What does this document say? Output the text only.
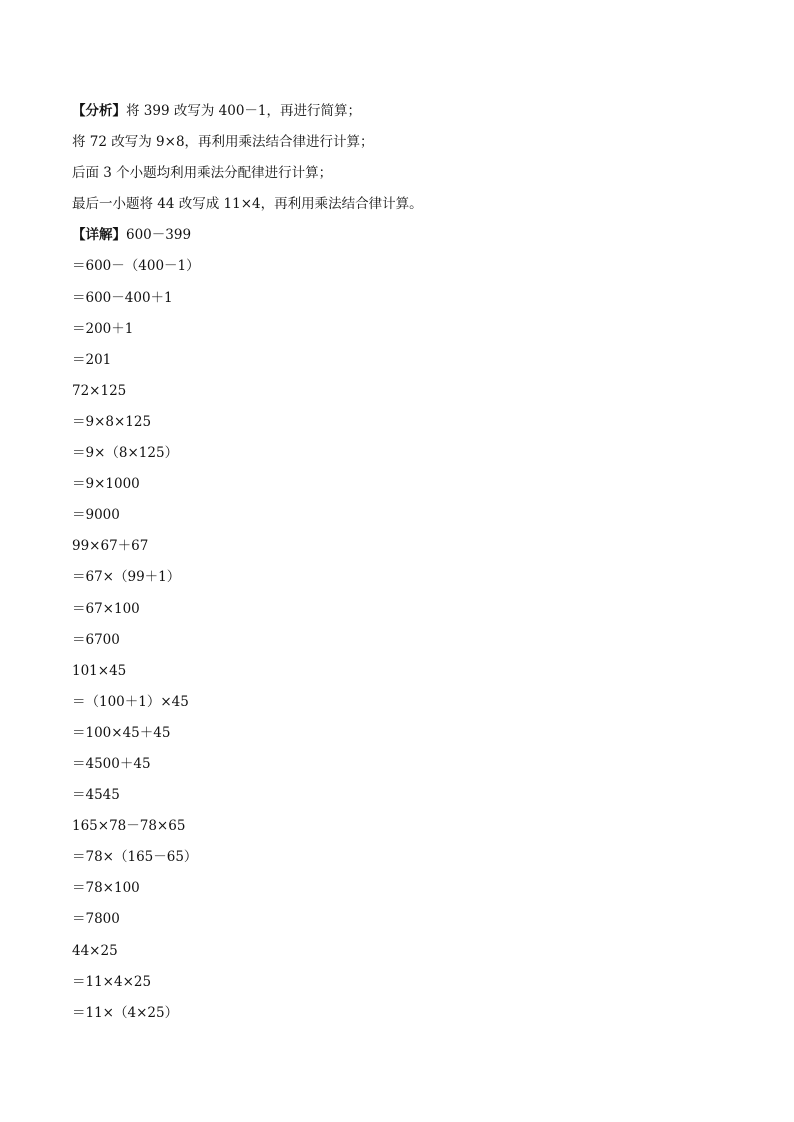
【分析】将 399 改写为 400－1，再进行简算；
将 72 改写为 9×8，再利用乘法结合律进行计算；
后面 3 个小题均利用乘法分配律进行计算；
最后一小题将 44 改写成 11×4，再利用乘法结合律计算。
【详解】600－399
＝600－（400－1）
＝600－400＋1
＝200＋1
＝201
72×125
＝9×8×125
＝9×（8×125）
＝9×1000
＝9000
99×67＋67
＝67×（99＋1）
＝67×100
＝6700
101×45
＝（100＋1）×45
＝100×45＋45
＝4500＋45
＝4545
165×78－78×65
＝78×（165－65）
＝78×100
＝7800
44×25
＝11×4×25
＝11×（4×25）
